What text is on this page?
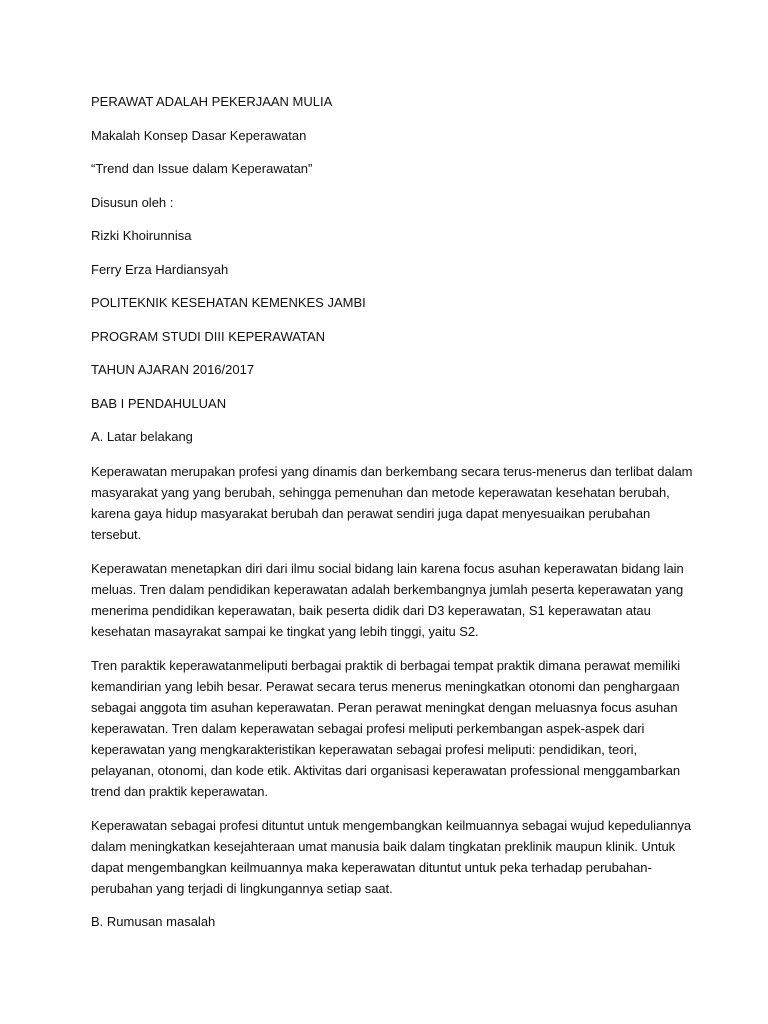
PERAWAT ADALAH PEKERJAAN MULIA
Makalah Konsep Dasar Keperawatan
“Trend dan Issue dalam Keperawatan”
Disusun oleh :
Rizki Khoirunnisa
Ferry Erza Hardiansyah
POLITEKNIK KESEHATAN KEMENKES JAMBI
PROGRAM STUDI DIII KEPERAWATAN
TAHUN AJARAN 2016/2017
BAB I PENDAHULUAN
A. Latar belakang
Keperawatan merupakan profesi yang dinamis dan berkembang secara terus-menerus dan terlibat dalam
masyarakat yang yang berubah, sehingga pemenuhan dan metode keperawatan kesehatan berubah,
karena gaya hidup masyarakat berubah dan perawat sendiri juga dapat menyesuaikan perubahan
tersebut.
Keperawatan menetapkan diri dari ilmu social bidang lain karena focus asuhan keperawatan bidang lain
meluas. Tren dalam pendidikan keperawatan adalah berkembangnya jumlah peserta keperawatan yang
menerima pendidikan keperawatan, baik peserta didik dari D3 keperawatan, S1 keperawatan atau
kesehatan masayrakat sampai ke tingkat yang lebih tinggi, yaitu S2.
Tren paraktik keperawatanmeliputi berbagai praktik di berbagai tempat praktik dimana perawat memiliki
kemandirian yang lebih besar. Perawat secara terus menerus meningkatkan otonomi dan penghargaan
sebagai anggota tim asuhan keperawatan. Peran perawat meningkat dengan meluasnya focus asuhan
keperawatan. Tren dalam keperawatan sebagai profesi meliputi perkembangan aspek-aspek dari
keperawatan yang mengkarakteristikan keperawatan sebagai profesi meliputi: pendidikan, teori,
pelayanan, otonomi, dan kode etik. Aktivitas dari organisasi keperawatan professional menggambarkan
trend dan praktik keperawatan.
Keperawatan sebagai profesi dituntut untuk mengembangkan keilmuannya sebagai wujud kepeduliannya
dalam meningkatkan kesejahteraan umat manusia baik dalam tingkatan preklinik maupun klinik. Untuk
dapat mengembangkan keilmuannya maka keperawatan dituntut untuk peka terhadap perubahan-
perubahan yang terjadi di lingkungannya setiap saat.
B. Rumusan masalah
